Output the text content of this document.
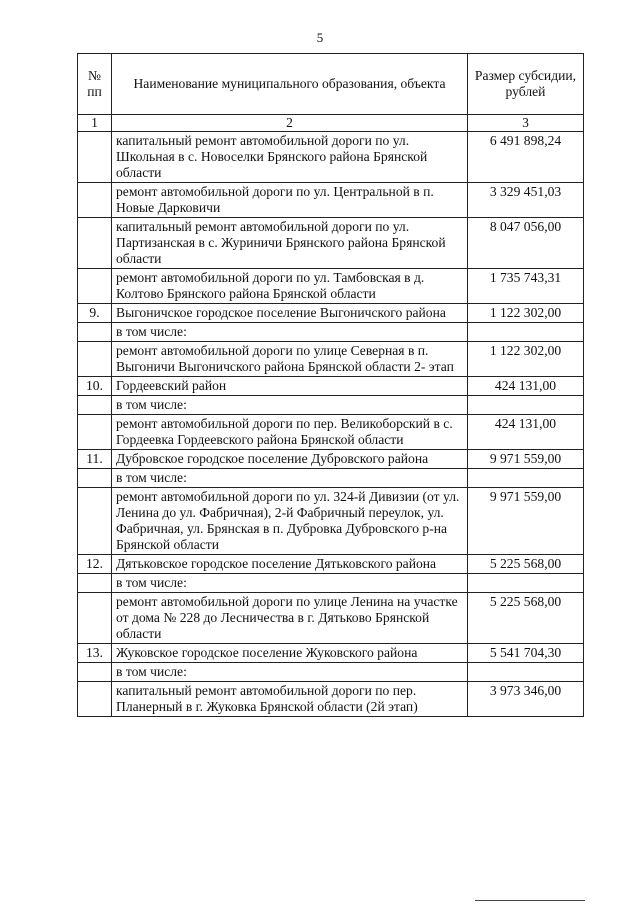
5
№ пп	Наименование муниципального образования, объекта	Размер субсидии, рублей
1	2	3
	капитальный ремонт автомобильной дороги по ул. Школьная в с. Новоселки Брянского района Брянской области	6 491 898,24
	ремонт автомобильной дороги по ул. Центральной в п. Новые Дарковичи	3 329 451,03
	капитальный ремонт автомобильной дороги по ул. Партизанская в с. Журиничи Брянского района Брянской области	8 047 056,00
	ремонт автомобильной дороги по ул. Тамбовская в д. Колтово Брянского района Брянской области	1 735 743,31
9.	Выгоничское городское поселение Выгоничского района	1 122 302,00
	в том числе:	
	ремонт автомобильной дороги по улице Северная в п. Выгоничи Выгоничского района Брянской области 2- этап	1 122 302,00
10.	Гордеевский район	424 131,00
	в том числе:	
	ремонт автомобильной дороги по пер. Великоборский в с. Гордеевка Гордеевского района Брянской области	424 131,00
11.	Дубровское городское поселение Дубровского района	9 971 559,00
	в том числе:	
	ремонт автомобильной дороги по ул. 324-й Дивизии (от ул. Ленина до ул. Фабричная), 2-й Фабричный переулок, ул. Фабричная, ул. Брянская в п. Дубровка Дубровского р-на Брянской области	9 971 559,00
12.	Дятьковское городское поселение Дятьковского района	5 225 568,00
	в том числе:	
	ремонт автомобильной дороги по улице Ленина на участке от дома № 228 до Лесничества в г. Дятьково Брянской области	5 225 568,00
13.	Жуковское городское поселение Жуковского района	5 541 704,30
	в том числе:	
	капитальный ремонт автомобильной дороги по пер. Планерный в г. Жуковка Брянской области (2й этап)	3 973 346,00
